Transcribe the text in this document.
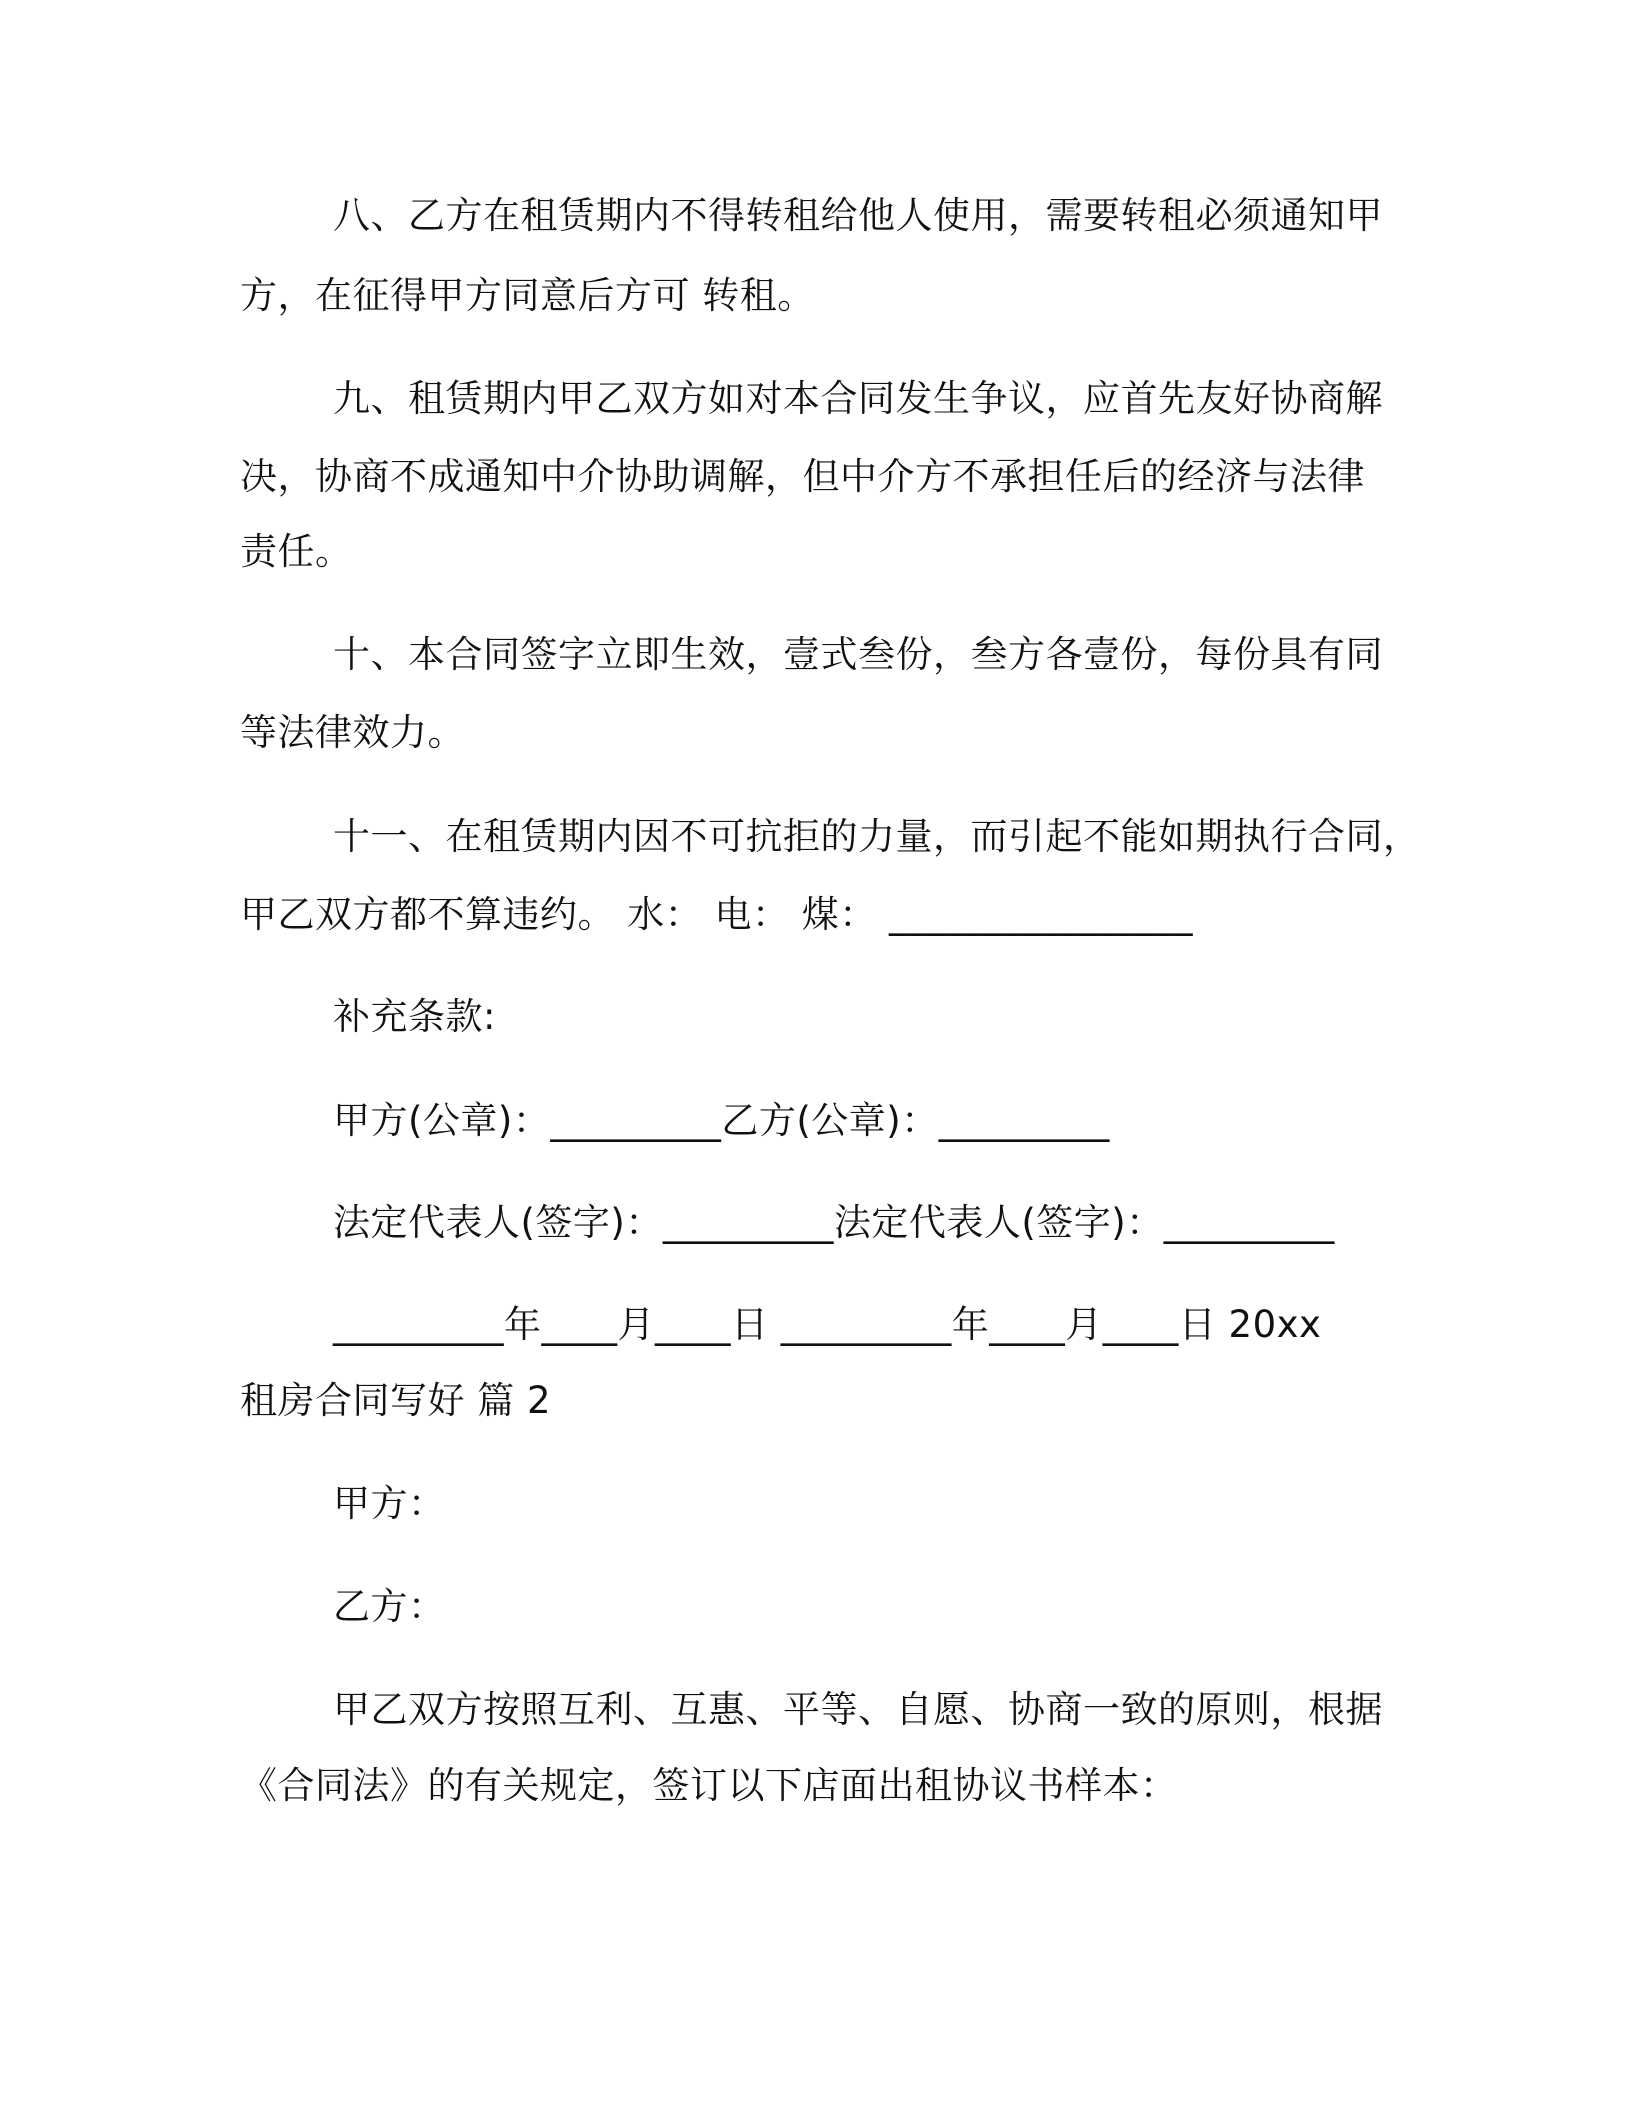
八、乙方在租赁期内不得转租给他人使用，需要转租必须通知甲
方，在征得甲方同意后方可 转租。
九、租赁期内甲乙双方如对本合同发生争议，应首先友好协商解
决，协商不成通知中介协助调解，但中介方不承担任后的经济与法律
责任。
十、本合同签字立即生效，壹式叁份，叁方各壹份，每份具有同
等法律效力。
十一、在租赁期内因不可抗拒的力量，而引起不能如期执行合同，
甲乙双方都不算违约。 水： 电： 煤： ________________
补充条款:
甲方(公章)：_________乙方(公章)：_________
法定代表人(签字)：_________法定代表人(签字)：_________
_________年____月____日 _________年____月____日 20xx
租房合同写好 篇 2
甲方：
乙方：
甲乙双方按照互利、互惠、平等、自愿、协商一致的原则，根据
《合同法》的有关规定，签订以下店面出租协议书样本：
